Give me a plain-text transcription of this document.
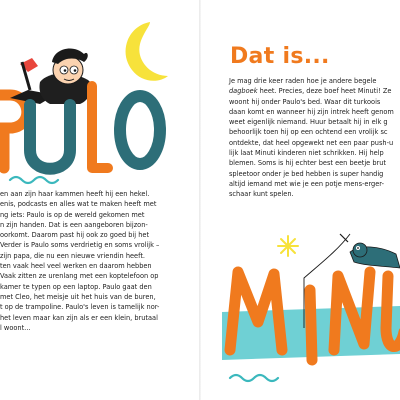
en aan zijn haar kammen heeft hij een hekel.
enis, podcasts en alles wat te maken heeft met
ng iets: Paulo is op de wereld gekomen met
n zijn handen. Dat is een aangeboren bijzon-
oorkomt. Daarom past hij ook zo goed bij het
Verder is Paulo soms verdrietig en soms vrolijk –
zijn papa, die nu een nieuwe vriendin heeft.
ten vaak heel veel werken en daarom hebben
Vaak zitten ze urenlang met een koptelefoon op
kamer te typen op een laptop. Paulo gaat den
met Cleo, het meisje uit het huis van de buren,
t op de trampoline. Paulo's leven is tamelijk nor-
het leven maar kan zijn als er een klein, brutaal
l woont…
Dat is...
Je mag drie keer raden hoe je andere begele
dagboek heet. Precies, deze boef heet Minuti! Ze
woont hij onder Paulo's bed. Waar dit turkoois
daan komt en wanneer hij zijn intrek heeft genom
weet eigenlijk niemand. Huur betaalt hij in elk g
behoorlijk toen hij op een ochtend een vrolijk sc
ontdekte, dat heel opgewekt net een paar push-u
lijk laat Minuti kinderen niet schrikken. Hij help
blemen. Soms is hij echter best een beetje brut
spleetoor onder je bed hebben is super handig
altijd iemand met wie je een potje mens-erger-
schaar kunt spelen.
